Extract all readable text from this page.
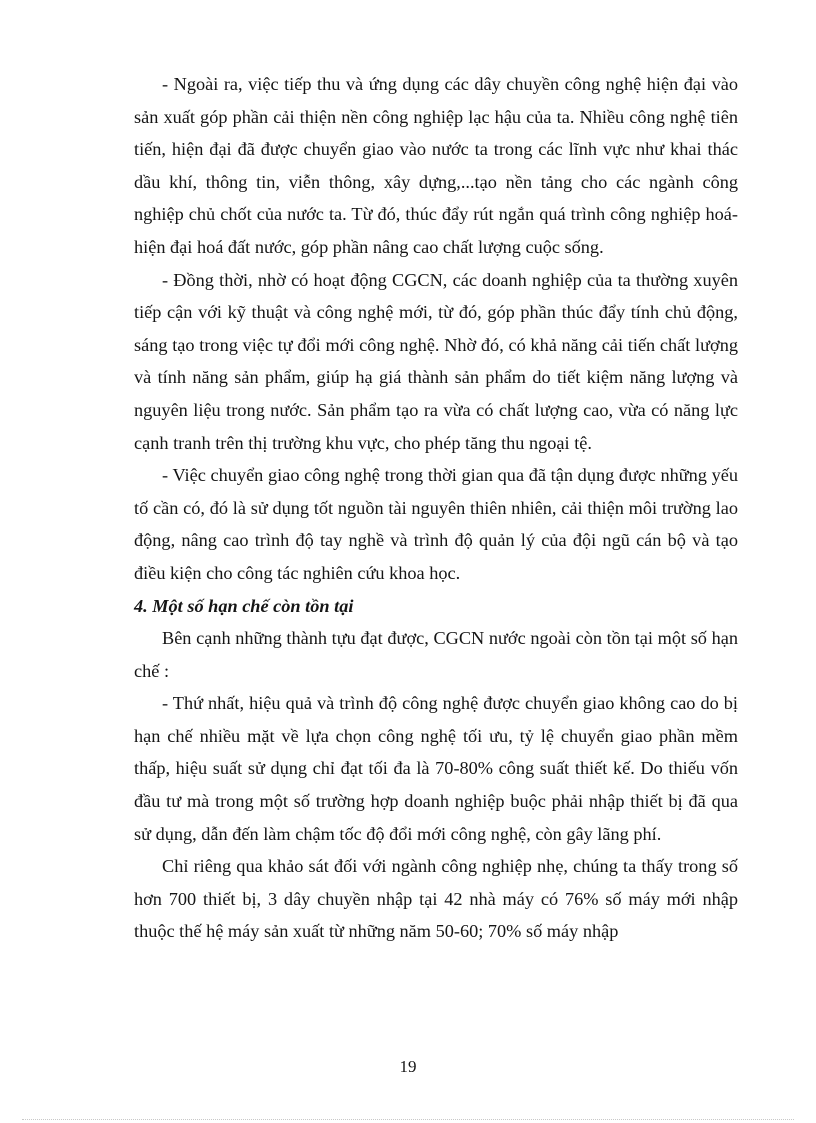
- Ngoài ra, việc tiếp thu và ứng dụng các dây chuyền công nghệ hiện đại vào sản xuất góp phần cải thiện nền công nghiệp lạc hậu của ta. Nhiều công nghệ tiên tiến, hiện đại đã được chuyển giao vào nước ta trong các lĩnh vực như khai thác dầu khí, thông tin, viễn thông, xây dựng,...tạo nền tảng cho các ngành công nghiệp chủ chốt của nước ta. Từ đó, thúc đẩy rút ngắn quá trình công nghiệp hoá- hiện đại hoá đất nước, góp phần nâng cao chất lượng cuộc sống.

- Đồng thời, nhờ có hoạt động CGCN, các doanh nghiệp của ta thường xuyên tiếp cận với kỹ thuật và công nghệ mới, từ đó, góp phần thúc đẩy tính chủ động, sáng tạo trong việc tự đổi mới công nghệ. Nhờ đó, có khả năng cải tiến chất lượng và tính năng sản phẩm, giúp hạ giá thành sản phẩm do tiết kiệm năng lượng và nguyên liệu trong nước. Sản phẩm tạo ra vừa có chất lượng cao, vừa có năng lực cạnh tranh trên thị trường khu vực, cho phép tăng thu ngoại tệ.

- Việc chuyển giao công nghệ trong thời gian qua đã tận dụng được những yếu tố cần có, đó là sử dụng tốt nguồn tài nguyên thiên nhiên, cải thiện môi trường lao động, nâng cao trình độ tay nghề và trình độ quản lý của đội ngũ cán bộ và tạo điều kiện cho công tác nghiên cứu khoa học.

4. Một số hạn chế còn tồn tại

Bên cạnh những thành tựu đạt được, CGCN nước ngoài còn tồn tại một số hạn chế :

- Thứ nhất, hiệu quả và trình độ công nghệ được chuyển giao không cao do bị hạn chế nhiều mặt về lựa chọn công nghệ tối ưu, tỷ lệ chuyển giao phần mềm thấp, hiệu suất sử dụng chỉ đạt tối đa là 70-80% công suất thiết kế. Do thiếu vốn đầu tư mà trong một số trường hợp doanh nghiệp buộc phải nhập thiết bị đã qua sử dụng, dẫn đến làm chậm tốc độ đổi mới công nghệ, còn gây lãng phí.

Chỉ riêng qua khảo sát đối với ngành công nghiệp nhẹ, chúng ta thấy trong số hơn 700 thiết bị, 3 dây chuyền nhập tại 42 nhà máy có 76% số máy mới nhập thuộc thế hệ máy sản xuất từ những năm 50-60; 70% số máy nhập

19
